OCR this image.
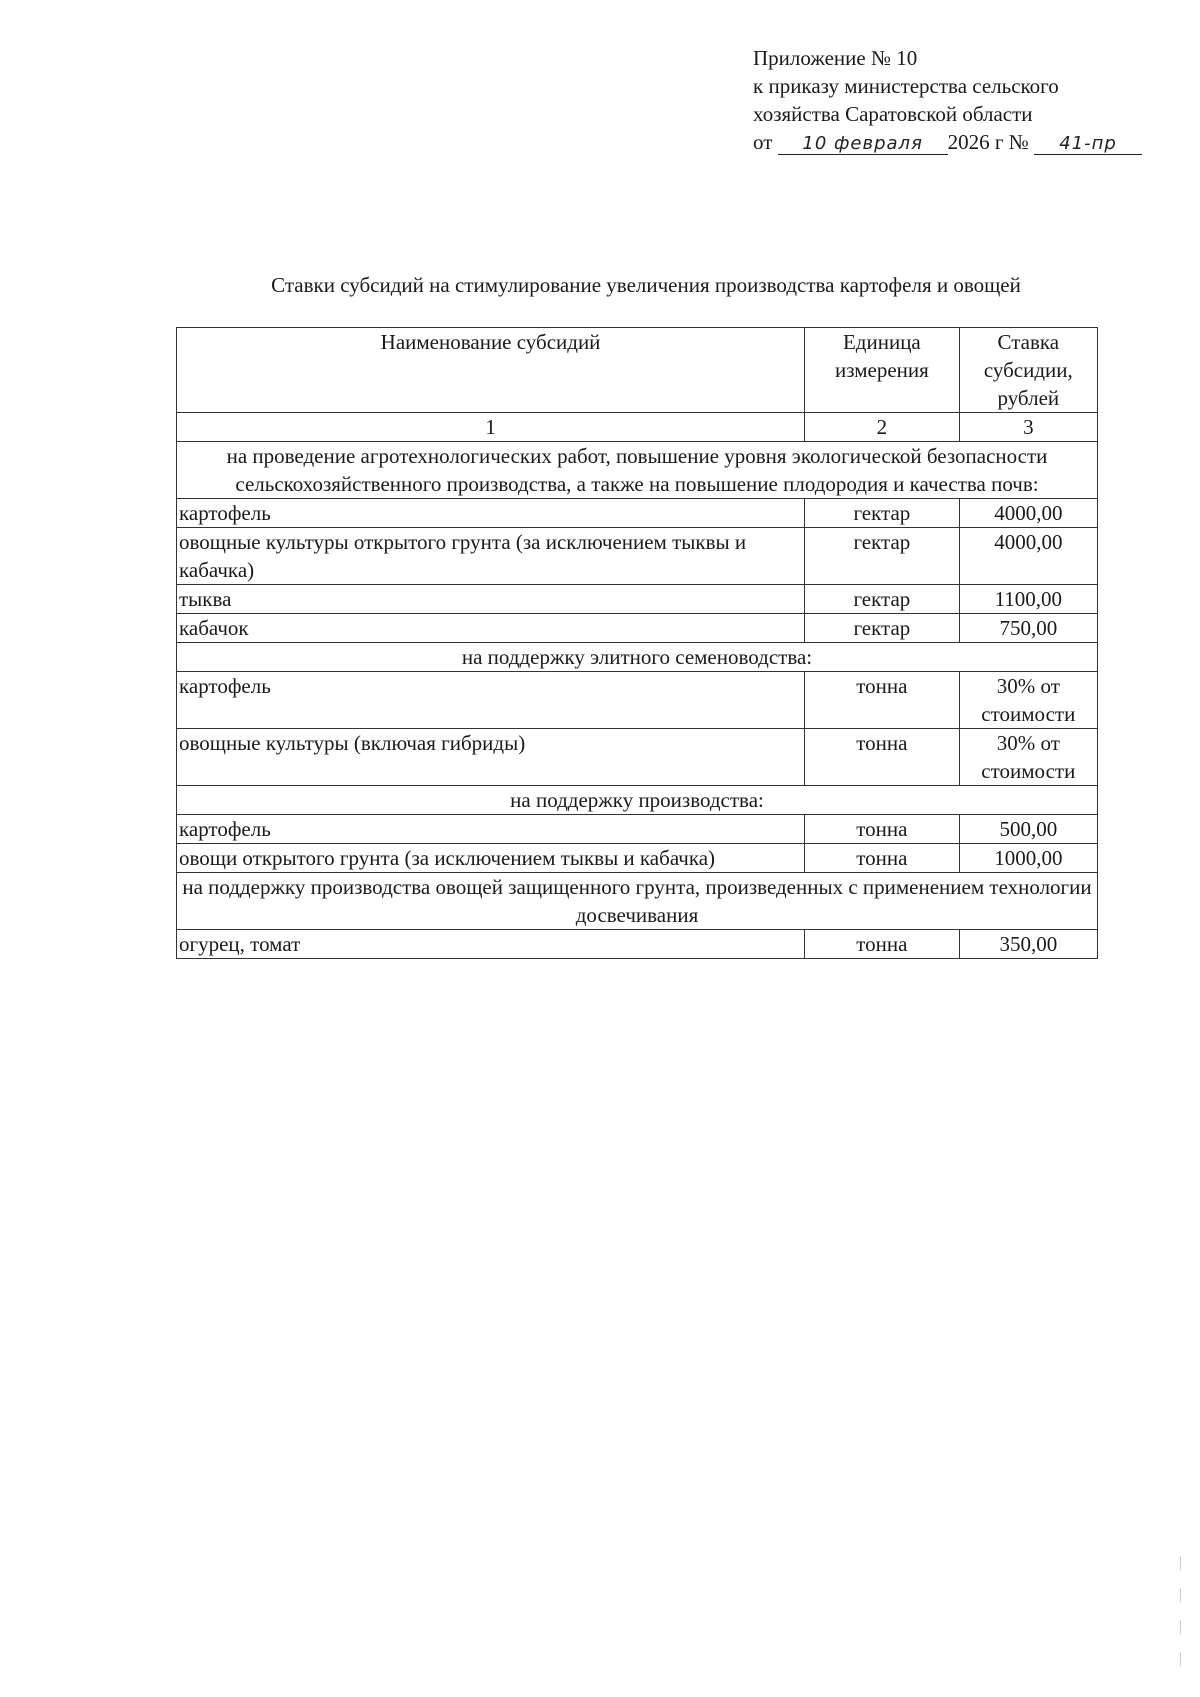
Приложение № 10
к приказу министерства сельского
хозяйства Саратовской области
от 10 февраля 2026 г № 41-пр
Ставки субсидий на стимулирование увеличения производства картофеля и овощей
Наименование субсидий	Единица измерения	Ставка субсидии, рублей
1	2	3
на проведение агротехнологических работ, повышение уровня экологической безопасности сельскохозяйственного производства, а также на повышение плодородия и качества почв:		
картофель	гектар	4000,00
овощные культуры открытого грунта (за исключением тыквы и кабачка)	гектар	4000,00
тыква	гектар	1100,00
кабачок	гектар	750,00
на поддержку элитного семеноводства:		
картофель	тонна	30% от стоимости
овощные культуры (включая гибриды)	тонна	30% от стоимости
на поддержку производства:		
картофель	тонна	500,00
овощи открытого грунта (за исключением тыквы и кабачка)	тонна	1000,00
на поддержку производства овощей защищенного грунта, произведенных с применением технологии досвечивания		
огурец, томат	тонна	350,00
